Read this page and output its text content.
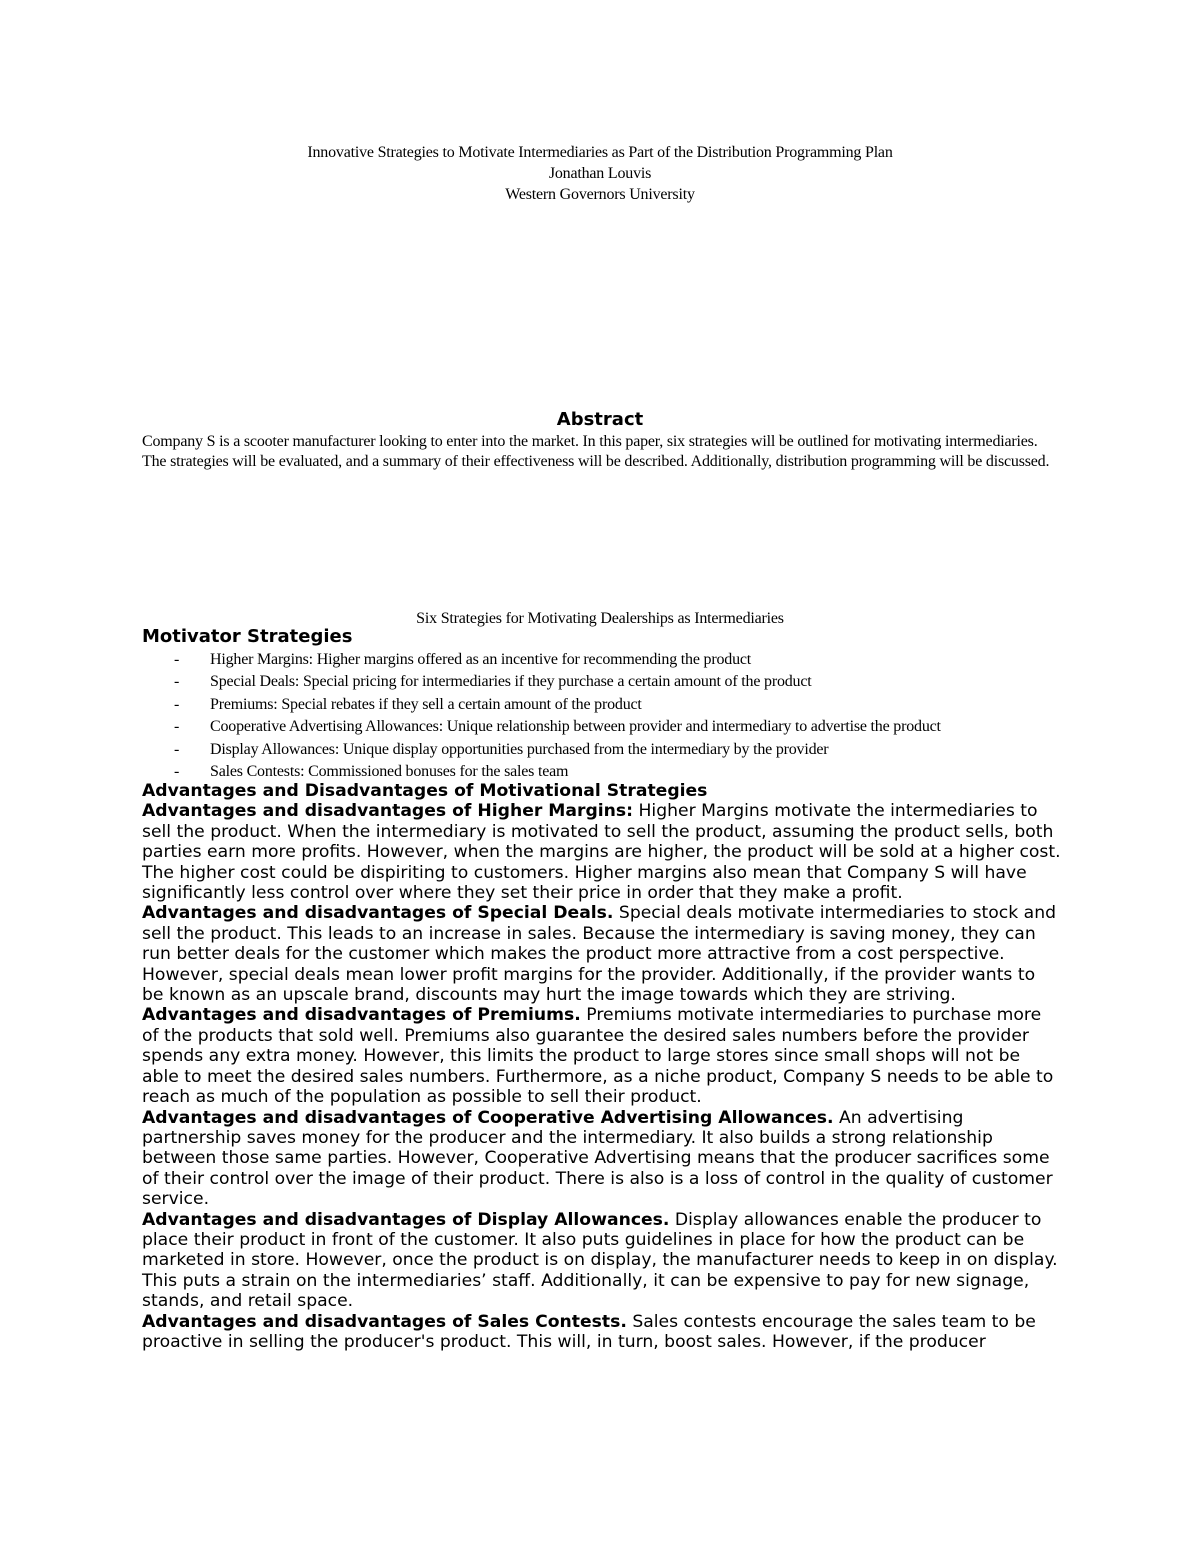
Innovative Strategies to Motivate Intermediaries as Part of the Distribution Programming Plan
Jonathan Louvis
Western Governors University
Abstract
Company S is a scooter manufacturer looking to enter into the market. In this paper, six strategies will be outlined for motivating intermediaries. The strategies will be evaluated, and a summary of their effectiveness will be described. Additionally, distribution programming will be discussed.
Six Strategies for Motivating Dealerships as Intermediaries
Motivator Strategies
- Higher Margins: Higher margins offered as an incentive for recommending the product
- Special Deals: Special pricing for intermediaries if they purchase a certain amount of the product
- Premiums: Special rebates if they sell a certain amount of the product
- Cooperative Advertising Allowances: Unique relationship between provider and intermediary to advertise the product
- Display Allowances: Unique display opportunities purchased from the intermediary by the provider
- Sales Contests: Commissioned bonuses for the sales team

Advantages and Disadvantages of Motivational Strategies

Advantages and disadvantages of Higher Margins: Higher Margins motivate the intermediaries to sell the product. When the intermediary is motivated to sell the product, assuming the product sells, both parties earn more profits. However, when the margins are higher, the product will be sold at a higher cost. The higher cost could be dispiriting to customers. Higher margins also mean that Company S will have significantly less control over where they set their price in order that they make a profit.

Advantages and disadvantages of Special Deals. Special deals motivate intermediaries to stock and sell the product. This leads to an increase in sales. Because the intermediary is saving money, they can run better deals for the customer which makes the product more attractive from a cost perspective. However, special deals mean lower profit margins for the provider. Additionally, if the provider wants to be known as an upscale brand, discounts may hurt the image towards which they are striving.

Advantages and disadvantages of Premiums. Premiums motivate intermediaries to purchase more of the products that sold well. Premiums also guarantee the desired sales numbers before the provider spends any extra money. However, this limits the product to large stores since small shops will not be able to meet the desired sales numbers. Furthermore, as a niche product, Company S needs to be able to reach as much of the population as possible to sell their product.

Advantages and disadvantages of Cooperative Advertising Allowances. An advertising partnership saves money for the producer and the intermediary. It also builds a strong relationship between those same parties. However, Cooperative Advertising means that the producer sacrifices some of their control over the image of their product. There is also is a loss of control in the quality of customer service.

Advantages and disadvantages of Display Allowances. Display allowances enable the producer to place their product in front of the customer. It also puts guidelines in place for how the product can be marketed in store. However, once the product is on display, the manufacturer needs to keep in on display. This puts a strain on the intermediaries’ staff. Additionally, it can be expensive to pay for new signage, stands, and retail space.

Advantages and disadvantages of Sales Contests. Sales contests encourage the sales team to be proactive in selling the producer's product. This will, in turn, boost sales. However, if the producer
